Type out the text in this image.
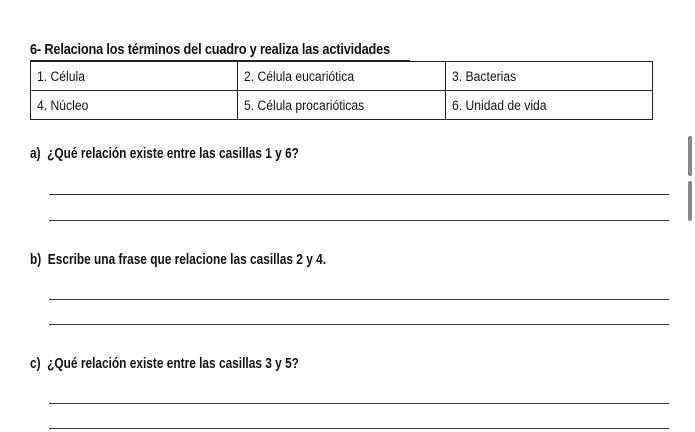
6- Relaciona los términos del cuadro y realiza las actividades
1. Célula	2. Célula eucariótica	3. Bacterias
4. Núcleo	5. Célula procarióticas	6. Unidad de vida
a) ¿Qué relación existe entre las casillas 1 y 6?
b) Escribe una frase que relacione las casillas 2 y 4.
c) ¿Qué relación existe entre las casillas 3 y 5?
